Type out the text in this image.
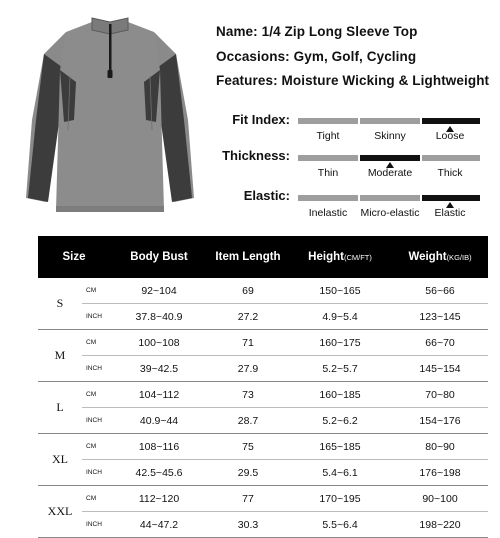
Name: 1/4 Zip Long Sleeve Top
Occasions: Gym, Golf, Cycling
Features: Moisture Wicking & Lightweight
Fit Index:
Tight	Skinny	Loose
Thickness:
Thin	Moderate	Thick
Elastic:
Inelastic	Micro-elastic	Elastic
Size		Body Bust	Item Length	Height(CM/FT)	Weight(KG/IB)
S	CM	92~104	69	150~165	56~66
	INCH	37.8~40.9	27.2	4.9~5.4	123~145
M	CM	100~108	71	160~175	66~70
	INCH	39~42.5	27.9	5.2~5.7	145~154
L	CM	104~112	73	160~185	70~80
	INCH	40.9~44	28.7	5.2~6.2	154~176
XL	CM	108~116	75	165~185	80~90
	INCH	42.5~45.6	29.5	5.4~6.1	176~198
XXL	CM	112~120	77	170~195	90~100
	INCH	44~47.2	30.3	5.5~6.4	198~220
